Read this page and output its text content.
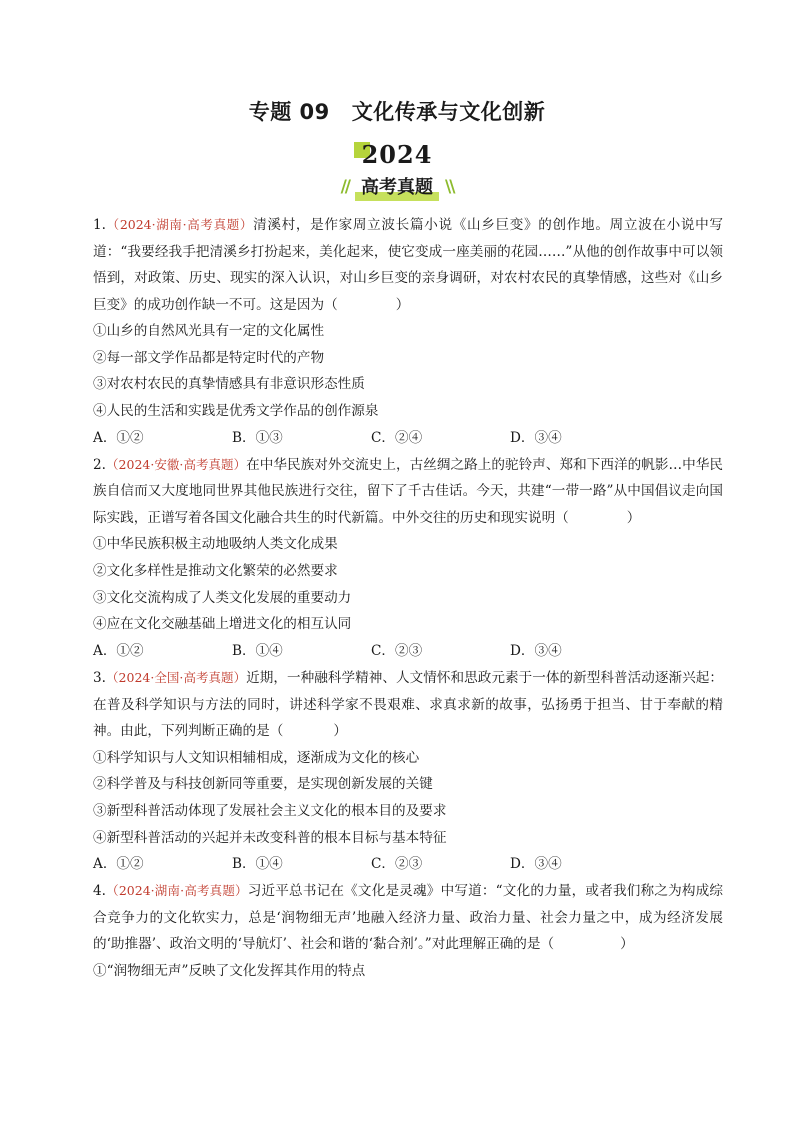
专题 09 文化传承与文化创新
2024
// 高考真题 \\
1.（2024·湖南·高考真题）清溪村，是作家周立波长篇小说《山乡巨变》的创作地。周立波在小说中写道：“我要经我手把清溪乡打扮起来，美化起来，使它变成一座美丽的花园……”从他的创作故事中可以领悟到，对政策、历史、现实的深入认识，对山乡巨变的亲身调研，对农村农民的真挚情感，这些对《山乡巨变》的成功创作缺一不可。这是因为（	）
①山乡的自然风光具有一定的文化属性
②每一部文学作品都是特定时代的产物
③对农村农民的真挚情感具有非意识形态性质
④人民的生活和实践是优秀文学作品的创作源泉
A．①②	B．①③	C．②④	D．③④
2.（2024·安徽·高考真题）在中华民族对外交流史上，古丝绸之路上的驼铃声、郑和下西洋的帆影…中华民族自信而又大度地同世界其他民族进行交往，留下了千古佳话。今天，共建“一带一路”从中国倡议走向国际实践，正谱写着各国文化融合共生的时代新篇。中外交往的历史和现实说明（	）
①中华民族积极主动地吸纳人类文化成果
②文化多样性是推动文化繁荣的必然要求
③文化交流构成了人类文化发展的重要动力
④应在文化交融基础上增进文化的相互认同
A．①②	B．①④	C．②③	D．③④
3.（2024·全国·高考真题）近期，一种融科学精神、人文情怀和思政元素于一体的新型科普活动逐渐兴起：在普及科学知识与方法的同时，讲述科学家不畏艰难、求真求新的故事，弘扬勇于担当、甘于奉献的精神。由此，下列判断正确的是（	）
①科学知识与人文知识相辅相成，逐渐成为文化的核心
②科学普及与科技创新同等重要，是实现创新发展的关键
③新型科普活动体现了发展社会主义文化的根本目的及要求
④新型科普活动的兴起并未改变科普的根本目标与基本特征
A．①②	B．①④	C．②③	D．③④
4.（2024·湖南·高考真题）习近平总书记在《文化是灵魂》中写道：“文化的力量，或者我们称之为构成综合竞争力的文化软实力，总是‘润物细无声’地融入经济力量、政治力量、社会力量之中，成为经济发展的‘助推器’、政治文明的‘导航灯’、社会和谐的‘黏合剂’。”对此理解正确的是（	）
①“润物细无声”反映了文化发挥其作用的特点
